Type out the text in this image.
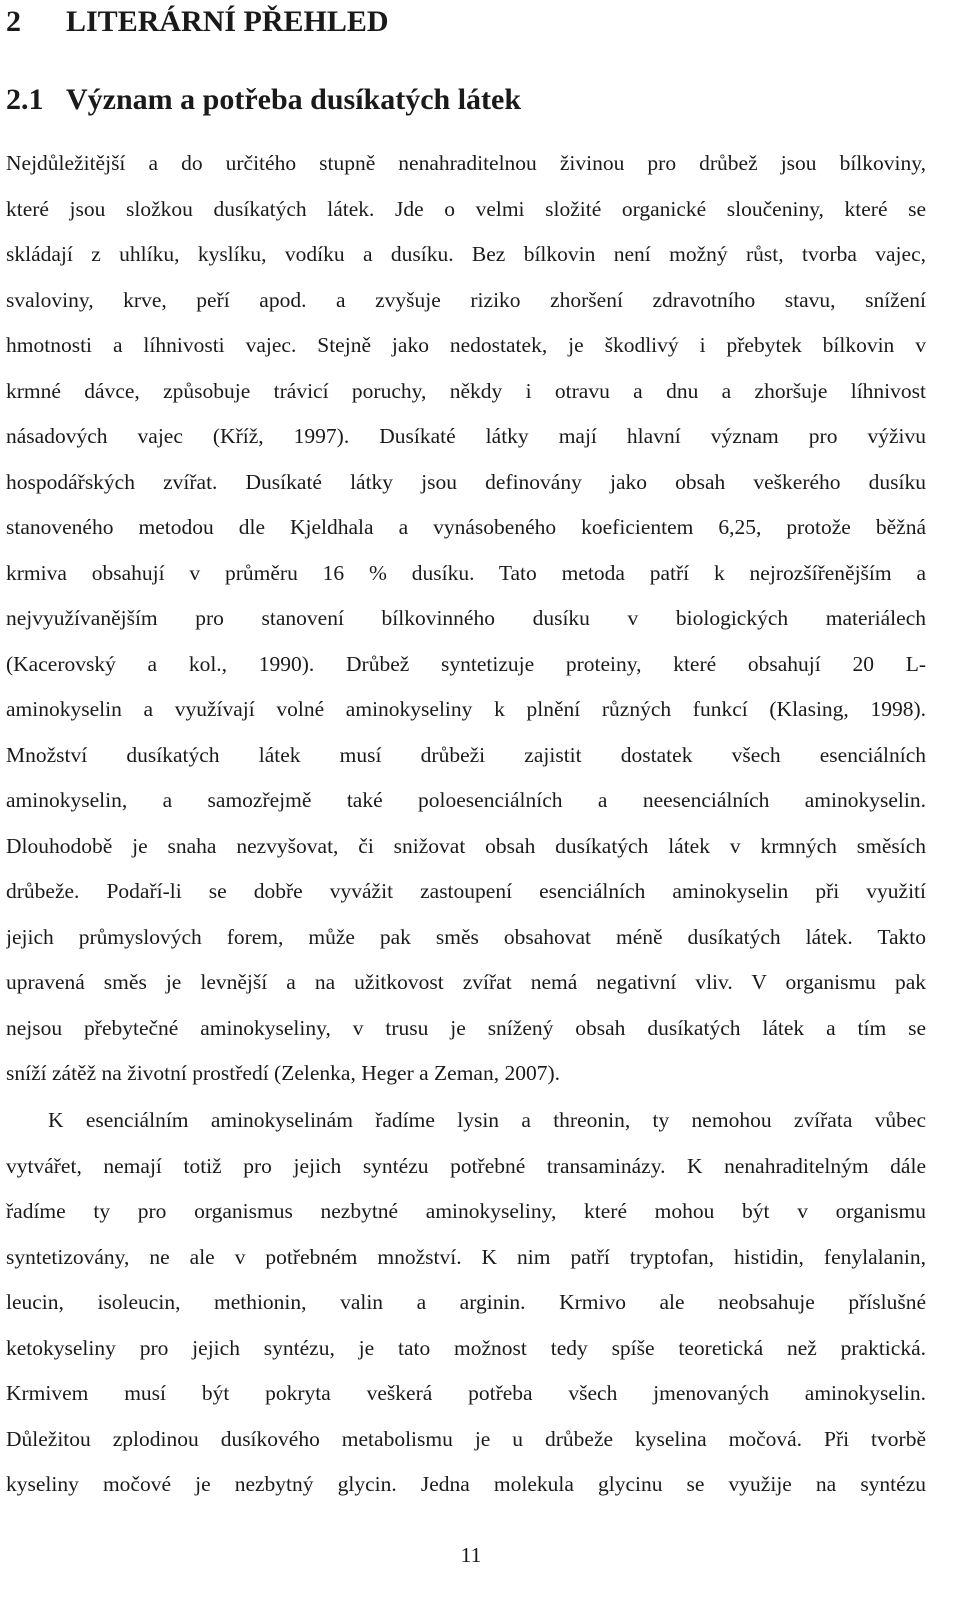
2 LITERÁRNÍ PŘEHLED
2.1 Význam a potřeba dusíkatých látek
Nejdůležitější a do určitého stupně nenahraditelnou živinou pro drůbež jsou bílkoviny,
které jsou složkou dusíkatých látek. Jde o velmi složité organické sloučeniny, které se
skládají z uhlíku, kyslíku, vodíku a dusíku. Bez bílkovin není možný růst, tvorba vajec,
svaloviny, krve, peří apod. a zvyšuje riziko zhoršení zdravotního stavu, snížení
hmotnosti a líhnivosti vajec. Stejně jako nedostatek, je škodlivý i přebytek bílkovin v
krmné dávce, způsobuje trávicí poruchy, někdy i otravu a dnu a zhoršuje líhnivost
násadových vajec (Kříž, 1997). Dusíkaté látky mají hlavní význam pro výživu
hospodářských zvířat. Dusíkaté látky jsou definovány jako obsah veškerého dusíku
stanoveného metodou dle Kjeldhala a vynásobeného koeficientem 6,25, protože běžná
krmiva obsahují v průměru 16 % dusíku. Tato metoda patří k nejrozšířenějším a
nejvyužívanějším pro stanovení bílkovinného dusíku v biologických materiálech
(Kacerovský a kol., 1990). Drůbež syntetizuje proteiny, které obsahují 20 L-
aminokyselin a využívají volné aminokyseliny k plnění různých funkcí (Klasing, 1998).
Množství dusíkatých látek musí drůbeži zajistit dostatek všech esenciálních
aminokyselin, a samozřejmě také poloesenciálních a neesenciálních aminokyselin.
Dlouhodobě je snaha nezvyšovat, či snižovat obsah dusíkatých látek v krmných směsích
drůbeže. Podaří-li se dobře vyvážit zastoupení esenciálních aminokyselin při využití
jejich průmyslových forem, může pak směs obsahovat méně dusíkatých látek. Takto
upravená směs je levnější a na užitkovost zvířat nemá negativní vliv. V organismu pak
nejsou přebytečné aminokyseliny, v trusu je snížený obsah dusíkatých látek a tím se
sníží zátěž na životní prostředí (Zelenka, Heger a Zeman, 2007).
K esenciálním aminokyselinám řadíme lysin a threonin, ty nemohou zvířata vůbec
vytvářet, nemají totiž pro jejich syntézu potřebné transaminázy. K nenahraditelným dále
řadíme ty pro organismus nezbytné aminokyseliny, které mohou být v organismu
syntetizovány, ne ale v potřebném množství. K nim patří tryptofan, histidin, fenylalanin,
leucin, isoleucin, methionin, valin a arginin. Krmivo ale neobsahuje příslušné
ketokyseliny pro jejich syntézu, je tato možnost tedy spíše teoretická než praktická.
Krmivem musí být pokryta veškerá potřeba všech jmenovaných aminokyselin.
Důležitou zplodinou dusíkového metabolismu je u drůbeže kyselina močová. Při tvorbě
kyseliny močové je nezbytný glycin. Jedna molekula glycinu se využije na syntézu
11
